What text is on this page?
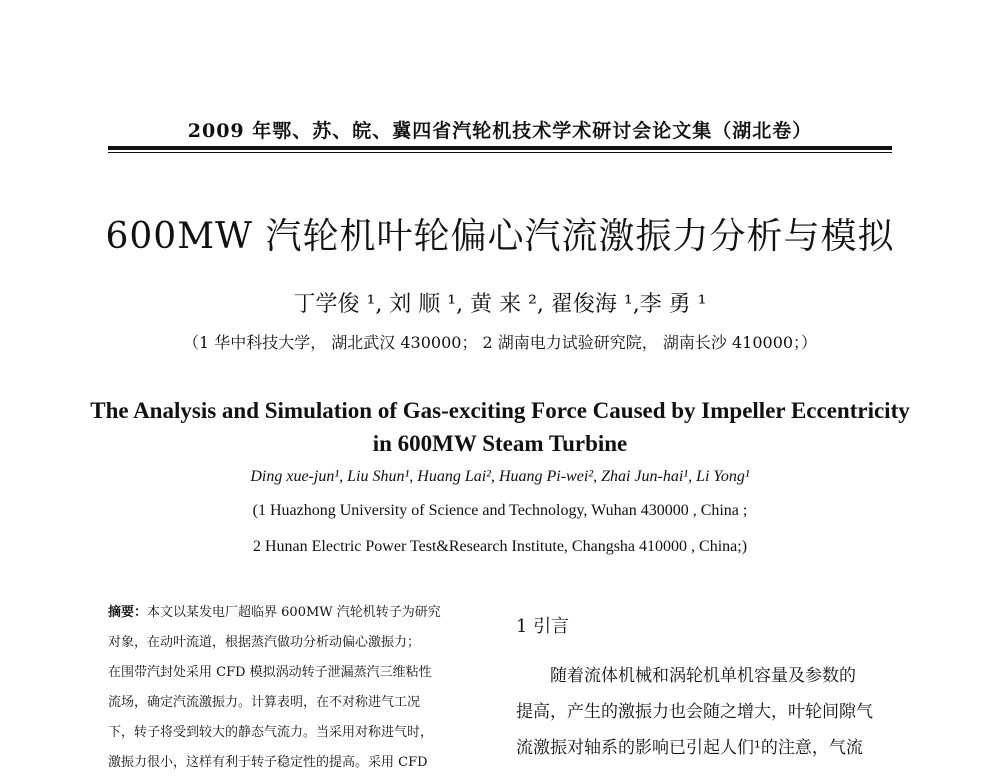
2009 年鄂、苏、皖、冀四省汽轮机技术学术研讨会论文集（湖北卷）
600MW 汽轮机叶轮偏心汽流激振力分析与模拟
丁学俊 ¹, 刘 顺 ¹, 黄 来 ², 翟俊海 ¹,李 勇 ¹
（1 华中科技大学， 湖北武汉 430000； 2 湖南电力试验研究院， 湖南长沙 410000；）
The Analysis and Simulation of Gas-exciting Force Caused by Impeller Eccentricity in 600MW Steam Turbine
Ding xue-jun¹, Liu Shun¹, Huang Lai², Huang Pi-wei², Zhai Jun-hai¹, Li Yong¹
(1 Huazhong University of Science and Technology, Wuhan 430000 , China ;
2 Hunan Electric Power Test&Research Institute, Changsha 410000 , China;)
摘要：本文以某发电厂超临界 600MW 汽轮机转子为研究
对象，在动叶流道，根据蒸汽做功分析动偏心激振力；
在围带汽封处采用 CFD 模拟涡动转子泄漏蒸汽三维粘性
流场，确定汽流激振力。计算表明，在不对称进气工况
下，转子将受到较大的静态气流力。当采用对称进气时，
激振力很小，这样有利于转子稳定性的提高。采用 CFD
1 引言
随着流体机械和涡轮机单机容量及参数的
提高，产生的激振力也会随之增大，叶轮间隙气
流激振对轴系的影响已引起人们¹的注意，气流
